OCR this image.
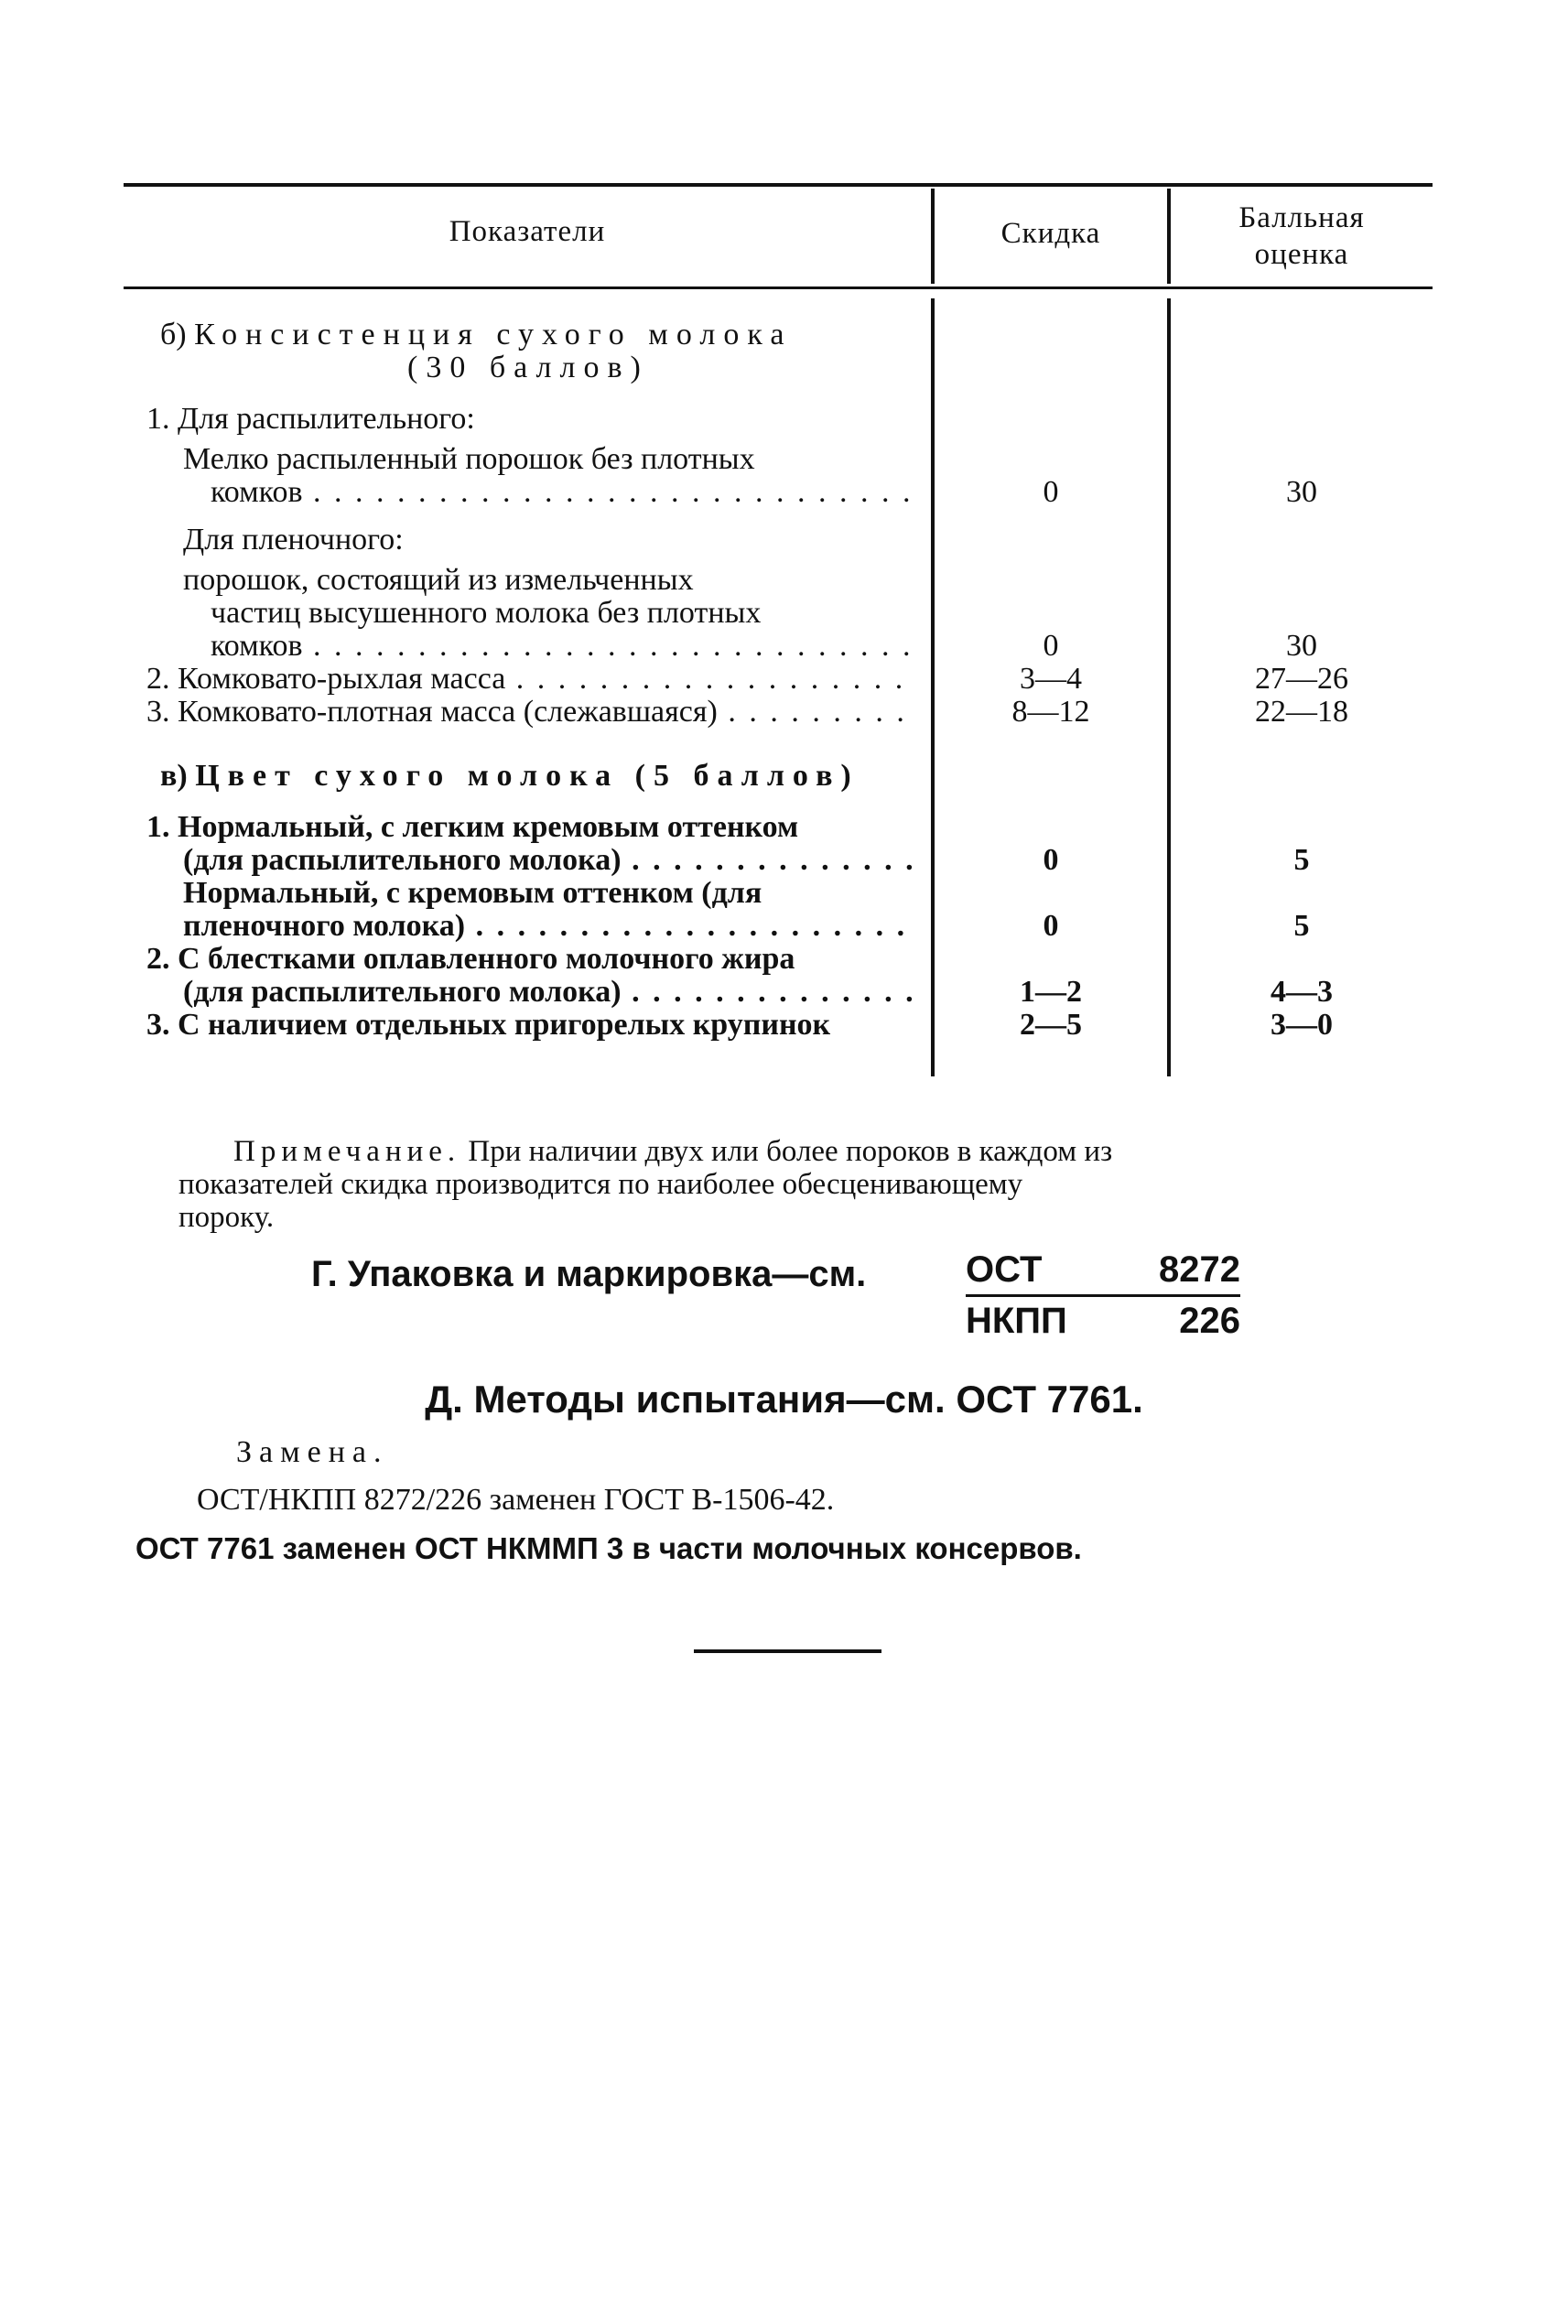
Показатели	Скидка	Балльная
оценка
б) Консистенция сухого молока
(30 баллов)
1. Для распылительного:
Мелко распыленный порошок без плотных
комков . . .	0	30
Для пленочного:
порошок, состоящий из измельченных
частиц высушенного молока без плотных
комков . . .	0	30
2. Комковато-рыхлая масса . . .	3—4	27—26
3. Комковато-плотная масса (слежавшаяся) . . .	8—12	22—18
в) Цвет сухого молока (5 баллов)
1. Нормальный, с легким кремовым оттенком
(для распылительного молока) . . .	0	5
Нормальный, с кремовым оттенком (для
пленочного молока) . . .	0	5
2. С блестками оплавленного молочного жира
(для распылительного молока) . . .	1—2	4—3
3. С наличием отдельных пригорелых крупинок	2—5	3—0
Примечание. При наличии двух или более пороков в каждом из
показателей скидка производится по наиболее обесценивающему
пороку.
Г. Упаковка и маркировка—см.	ОСТ	8272
НКПП	226
Д. Методы испытания—см. ОСТ 7761.
Замена.
ОСТ/НКПП 8272/226 заменен ГОСТ В-1506-42.
ОСТ 7761 заменен ОСТ НКММП 3 в части молочных консервов.
